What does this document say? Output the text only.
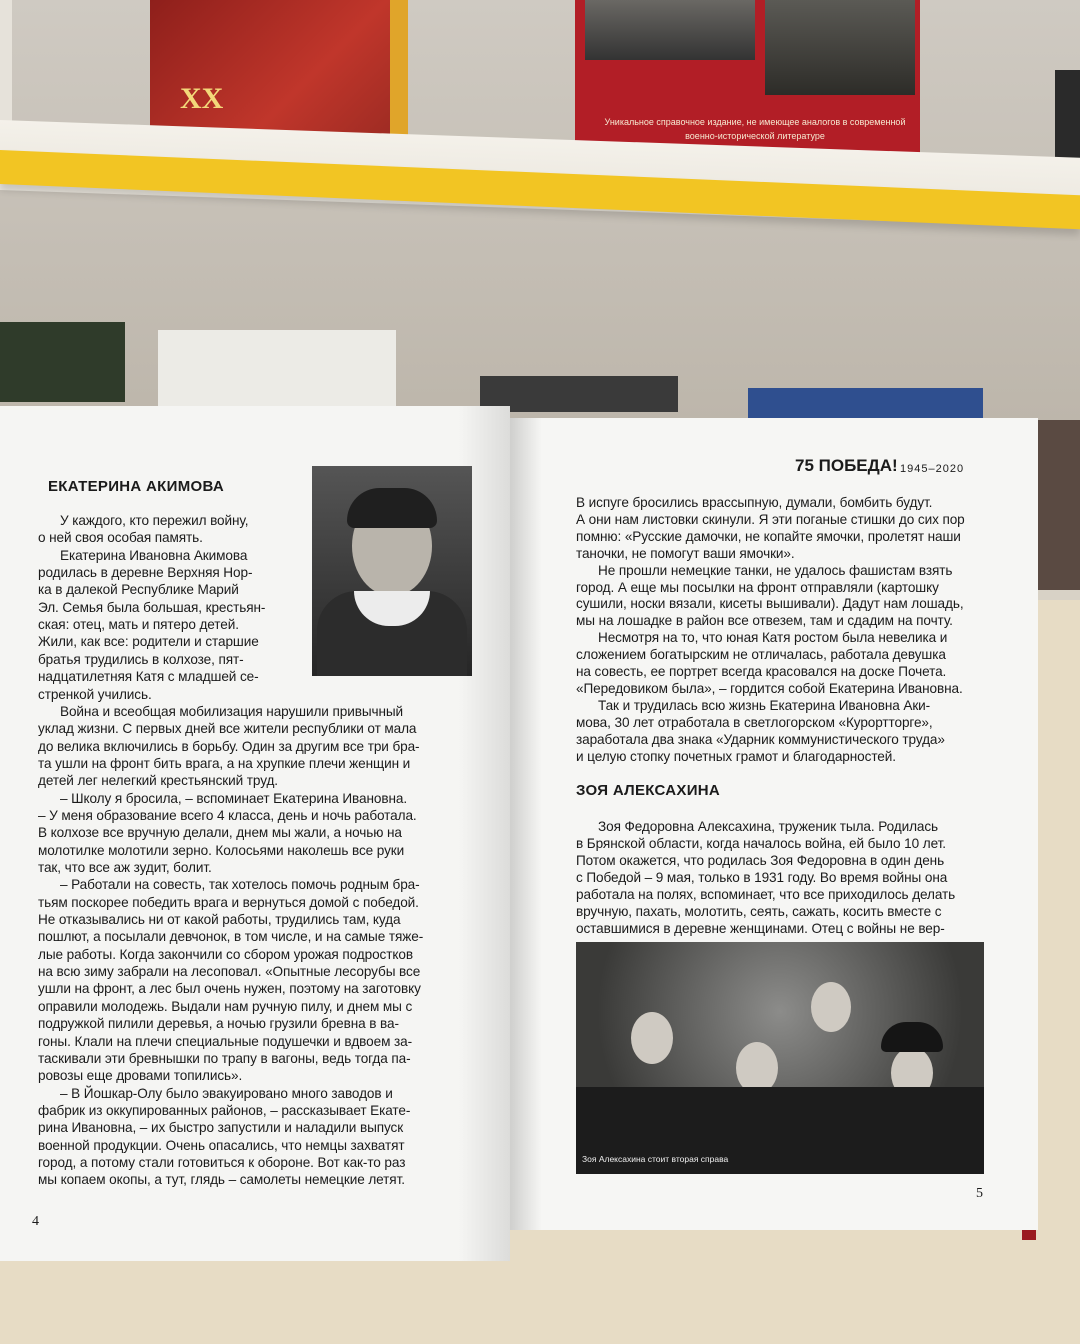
XX
Уникальное справочное издание, не имеющее аналогов в современной военно-исторической литературе
ЕКАТЕРИНА АКИМОВА
У каждого, кто пережил войну,
о ней своя особая память.
Екатерина Ивановна Акимова
родилась в деревне Верхняя Нор-
ка в далекой Республике Марий
Эл. Семья была большая, крестьян-
ская: отец, мать и пятеро детей.
Жили, как все: родители и старшие
братья трудились в колхозе, пят-
надцатилетняя Катя с младшей се-
стренкой учились.
Война и всеобщая мобилизация нарушили привычный
уклад жизни. С первых дней все жители республики от мала
до велика включились в борьбу. Один за другим все три бра-
та ушли на фронт бить врага, а на хрупкие плечи женщин и
детей лег нелегкий крестьянский труд.
– Школу я бросила, – вспоминает Екатерина Ивановна.
– У меня образование всего 4 класса, день и ночь работала.
В колхозе все вручную делали, днем мы жали, а ночью на
молотилке молотили зерно. Колосьями наколешь все руки
так, что все аж зудит, болит.
– Работали на совесть, так хотелось помочь родным бра-
тьям поскорее победить врага и вернуться домой с победой.
Не отказывались ни от какой работы, трудились там, куда
пошлют, а посылали девчонок, в том числе, и на самые тяже-
лые работы. Когда закончили со сбором урожая подростков
на всю зиму забрали на лесоповал. «Опытные лесорубы все
ушли на фронт, а лес был очень нужен, поэтому на заготовку
оправили молодежь. Выдали нам ручную пилу, и днем мы с
подружкой пилили деревья, а ночью грузили бревна в ва-
гоны. Клали на плечи специальные подушечки и вдвоем за-
таскивали эти бревнышки по трапу в вагоны, ведь тогда па-
ровозы еще дровами топились».
– В Йошкар-Олу было эвакуировано много заводов и
фабрик из оккупированных районов, – рассказывает Екате-
рина Ивановна, – их быстро запустили и наладили выпуск
военной продукции. Очень опасались, что немцы захватят
город, а потому стали готовиться к обороне. Вот как-то раз
мы копаем окопы, а тут, глядь – самолеты немецкие летят.
4
75 ПОБЕДА! 1945–2020
В испуге бросились врассыпную, думали, бомбить будут.
А они нам листовки скинули. Я эти поганые стишки до сих пор
помню: «Русские дамочки, не копайте ямочки, пролетят наши
таночки, не помогут ваши ямочки».
Не прошли немецкие танки, не удалось фашистам взять
город. А еще мы посылки на фронт отправляли (картошку
сушили, носки вязали, кисеты вышивали). Дадут нам лошадь,
мы на лошадке в район все отвезем, там и сдадим на почту.
Несмотря на то, что юная Катя ростом была невелика и
сложением богатырским не отличалась, работала девушка
на совесть, ее портрет всегда красовался на доске Почета.
«Передовиком была», – гордится собой Екатерина Ивановна.
Так и трудилась всю жизнь Екатерина Ивановна Аки-
мова, 30 лет отработала в светлогорском «Курортторге»,
заработала два знака «Ударник коммунистического труда»
и целую стопку почетных грамот и благодарностей.
ЗОЯ АЛЕКСАХИНА
Зоя Федоровна Алексахина, труженик тыла. Родилась
в Брянской области, когда началось война, ей было 10 лет.
Потом окажется, что родилась Зоя Федоровна в один день
с Победой – 9 мая, только в 1931 году. Во время войны она
работала на полях, вспоминает, что все приходилось делать
вручную, пахать, молотить, сеять, сажать, косить вместе с
оставшимися в деревне женщинами. Отец с войны не вер-
Зоя Алексахина стоит вторая справа
5
